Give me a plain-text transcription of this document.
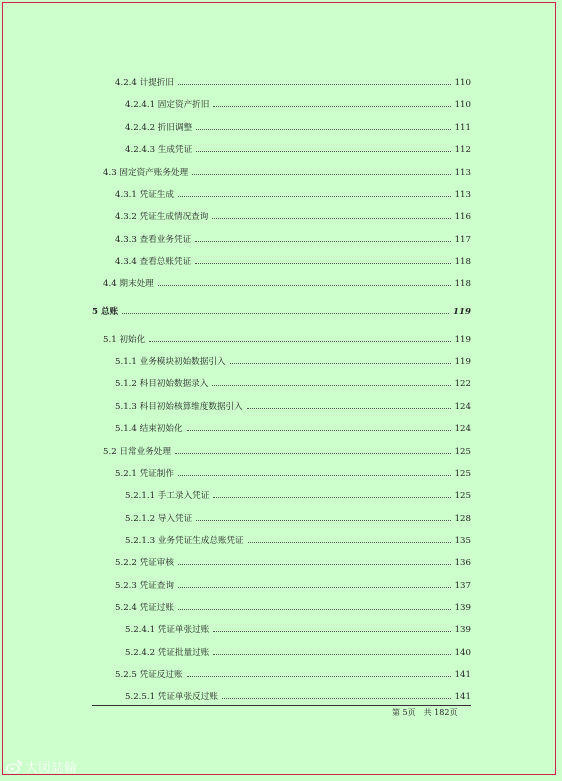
4.2.4 计提折旧	110
4.2.4.1 固定资产折旧	110
4.2.4.2 折旧调整	111
4.2.4.3 生成凭证	112
4.3 固定资产账务处理	113
4.3.1 凭证生成	113
4.3.2 凭证生成情况查询	116
4.3.3 查看业务凭证	117
4.3.4 查看总账凭证	118
4.4 期末处理	118
5 总账	119
5.1 初始化	119
5.1.1 业务模块初始数据引入	119
5.1.2 科目初始数据录入	122
5.1.3 科目初始核算维度数据引入	124
5.1.4 结束初始化	124
5.2 日常业务处理	125
5.2.1 凭证制作	125
5.2.1.1 手工录入凭证	125
5.2.1.2 导入凭证	128
5.2.1.3 业务凭证生成总账凭证	135
5.2.2 凭证审核	136
5.2.3 凭证查询	137
5.2.4 凭证过账	139
5.2.4.1 凭证单张过账	139
5.2.4.2 凭证批量过账	140
5.2.5 凭证反过账	141
5.2.5.1 凭证单张反过账	141
第 5页　共 182页
大図誌輪
